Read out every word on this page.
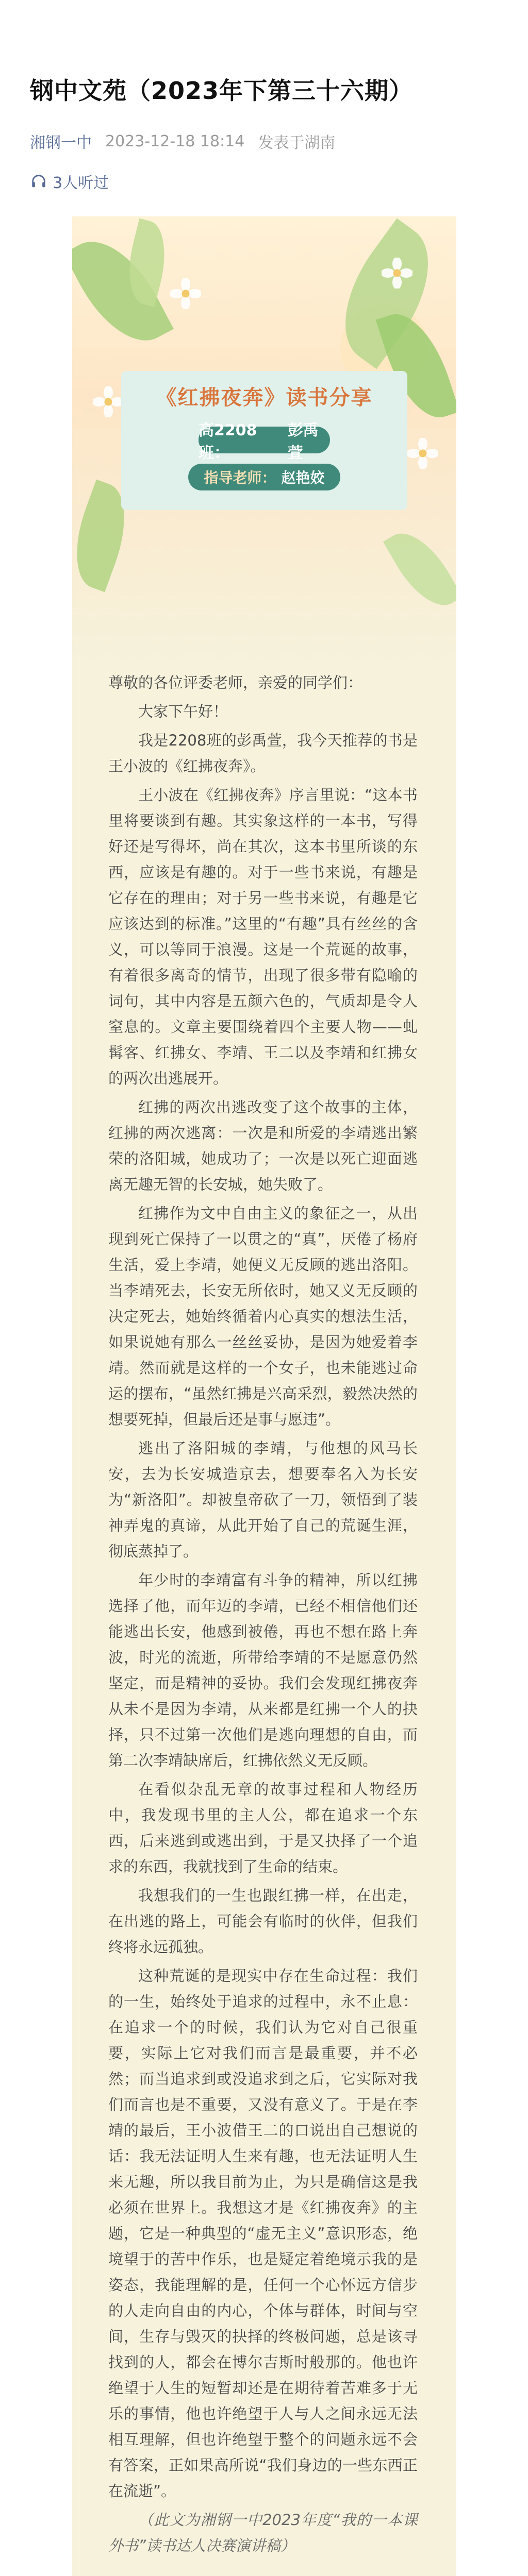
钢中文苑（2023年下第三十六期）
湘钢一中 2023-12-18 18:14 发表于湖南
3人听过
《红拂夜奔》读书分享
高2208班：
彭禹萱
指导老师： 赵艳姣

尊敬的各位评委老师，亲爱的同学们：

大家下午好！

我是2208班的彭禹萱，我今天推荐的书是王小波的《红拂夜奔》。

王小波在《红拂夜奔》序言里说：“这本书里将要谈到有趣。其实象这样的一本书，写得好还是写得坏，尚在其次，这本书里所谈的东西，应该是有趣的。对于一些书来说，有趣是它存在的理由；对于另一些书来说，有趣是它应该达到的标准。”这里的“有趣”具有丝丝的含义，可以等同于浪漫。这是一个荒诞的故事，有着很多离奇的情节，出现了很多带有隐喻的词句，其中内容是五颜六色的，气质却是令人窒息的。文章主要围绕着四个主要人物——虬髯客、红拂女、李靖、王二以及李靖和红拂女的两次出逃展开。

红拂的两次出逃改变了这个故事的主体，红拂的两次逃离：一次是和所爱的李靖逃出繁荣的洛阳城，她成功了；一次是以死亡迎面逃离无趣无智的长安城，她失败了。

红拂作为文中自由主义的象征之一，从出现到死亡保持了一以贯之的“真”，厌倦了杨府生活，爱上李靖，她便义无反顾的逃出洛阳。当李靖死去，长安无所依时，她又义无反顾的决定死去，她始终循着内心真实的想法生活，如果说她有那么一丝丝妥协，是因为她爱着李靖。然而就是这样的一个女子，也未能逃过命运的摆布，“虽然红拂是兴高采烈，毅然决然的想要死掉，但最后还是事与愿违”。

逃出了洛阳城的李靖，与他想的风马长安，去为长安城造京去，想要奉名入为长安为“新洛阳”。却被皇帝砍了一刀，领悟到了装神弄鬼的真谛，从此开始了自己的荒诞生涯，彻底蒸掉了。

年少时的李靖富有斗争的精神，所以红拂选择了他，而年迈的李靖，已经不相信他们还能逃出长安，他感到被倦，再也不想在路上奔波，时光的流逝，所带给李靖的不是愿意仍然坚定，而是精神的妥协。我们会发现红拂夜奔从未不是因为李靖，从来都是红拂一个人的抉择，只不过第一次他们是逃向理想的自由，而第二次李靖缺席后，红拂依然义无反顾。

在看似杂乱无章的故事过程和人物经历中，我发现书里的主人公，都在追求一个东西，后来逃到或逃出到，于是又抉择了一个追求的东西，我就找到了生命的结束。

我想我们的一生也跟红拂一样，在出走，在出逃的路上，可能会有临时的伙伴，但我们终将永远孤独。

这种荒诞的是现实中存在生命过程：我们的一生，始终处于追求的过程中，永不止息：在追求一个的时候，我们认为它对自己很重要，实际上它对我们而言是最重要，并不必然；而当追求到或没追求到之后，它实际对我们而言也是不重要，又没有意义了。于是在李靖的最后，王小波借王二的口说出自己想说的话：我无法证明人生来有趣，也无法证明人生来无趣，所以我目前为止，为只是确信这是我必须在世界上。我想这才是《红拂夜奔》的主题，它是一种典型的“虚无主义”意识形态，绝境望于的苦中作乐，也是疑定着绝境示我的是姿态，我能理解的是，任何一个心怀远方信步的人走向自由的内心，个体与群体，时间与空间，生存与毁灭的抉择的终极问题，总是该寻找到的人，都会在博尔吉斯时般那的。他也许绝望于人生的短暂却还是在期待着苦难多于无乐的事情，他也许绝望于人与人之间永远无法相互理解，但也许绝望于整个的问题永远不会有答案，正如果高所说“我们身边的一些东西正在流逝”。

（此文为湘钢一中2023年度“我的一本课外书”读书达人决赛演讲稿）
